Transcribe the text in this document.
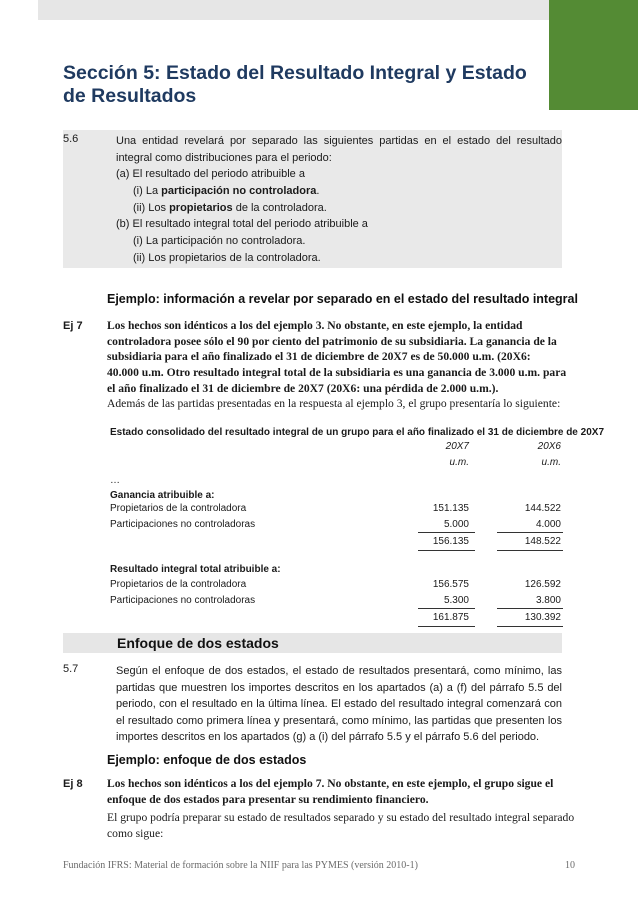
Sección 5: Estado del Resultado Integral y Estado de Resultados
5.6	Una entidad revelará por separado las siguientes partidas en el estado del resultado integral como distribuciones para el periodo:
(a) El resultado del periodo atribuible a
(i) La participación no controladora.
(ii) Los propietarios de la controladora.
(b) El resultado integral total del periodo atribuible a
(i) La participación no controladora.
(ii) Los propietarios de la controladora.
Ejemplo: información a revelar por separado en el estado del resultado integral
Ej 7 Los hechos son idénticos a los del ejemplo 3. No obstante, en este ejemplo, la entidad
controladora posee sólo el 90 por ciento del patrimonio de su subsidiaria. La ganancia de la
subsidiaria para el año finalizado el 31 de diciembre de 20X7 es de 50.000 u.m. (20X6:
40.000 u.m. Otro resultado integral total de la subsidiaria es una ganancia de 3.000 u.m. para
el año finalizado el 31 de diciembre de 20X7 (20X6: una pérdida de 2.000 u.m.).
Además de las partidas presentadas en la respuesta al ejemplo 3, el grupo presentaría lo siguiente:
Estado consolidado del resultado integral de un grupo para el año finalizado el 31 de diciembre de 20X7
20X7	20X6
u.m.	u.m.
…
Ganancia atribuible a:
Propietarios de la controladora	151.135	144.522
Participaciones no controladoras	5.000	4.000
156.135	148.522
Resultado integral total atribuible a:
Propietarios de la controladora	156.575	126.592
Participaciones no controladoras	5.300	3.800
161.875	130.392
Enfoque de dos estados
5.7	Según el enfoque de dos estados, el estado de resultados presentará, como mínimo, las partidas que muestren los importes descritos en los apartados (a) a (f) del párrafo 5.5 del periodo, con el resultado en la última línea. El estado del resultado integral comenzará con el resultado como primera línea y presentará, como mínimo, las partidas que presenten los importes descritos en los apartados (g) a (i) del párrafo 5.5 y el párrafo 5.6 del periodo.
Ejemplo: enfoque de dos estados
Ej 8 Los hechos son idénticos a los del ejemplo 7. No obstante, en este ejemplo, el grupo sigue el
enfoque de dos estados para presentar su rendimiento financiero.
El grupo podría preparar su estado de resultados separado y su estado del resultado integral separado
como sigue:
Fundación IFRS: Material de formación sobre la NIIF para las PYMES (versión 2010-1)	10
